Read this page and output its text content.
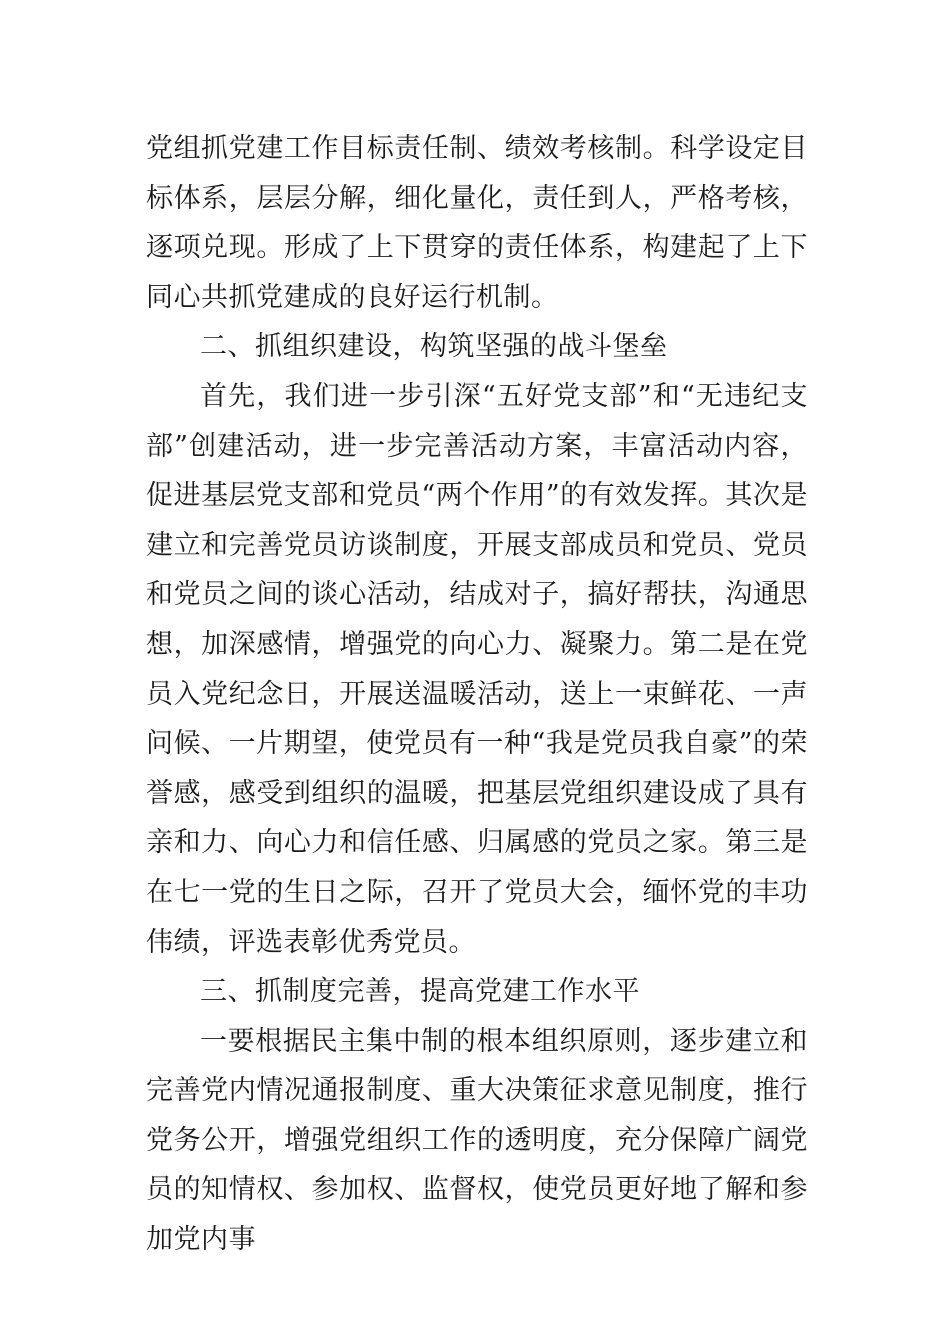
党组抓党建工作目标责任制、绩效考核制。科学设定目标体系，层层分解，细化量化，责任到人，严格考核，逐项兑现。形成了上下贯穿的责任体系，构建起了上下同心共抓党建成的良好运行机制。

二、抓组织建设，构筑坚强的战斗堡垒

首先，我们进一步引深“五好党支部”和“无违纪支部”创建活动，进一步完善活动方案，丰富活动内容，促进基层党支部和党员“两个作用”的有效发挥。其次是建立和完善党员访谈制度，开展支部成员和党员、党员和党员之间的谈心活动，结成对子，搞好帮扶，沟通思想，加深感情，增强党的向心力、凝聚力。第二是在党员入党纪念日，开展送温暖活动，送上一束鲜花、一声问候、一片期望，使党员有一种“我是党员我自豪”的荣誉感，感受到组织的温暖，把基层党组织建设成了具有亲和力、向心力和信任感、归属感的党员之家。第三是在七一党的生日之际，召开了党员大会，缅怀党的丰功伟绩，评选表彰优秀党员。

三、抓制度完善，提高党建工作水平

一要根据民主集中制的根本组织原则，逐步建立和完善党内情况通报制度、重大决策征求意见制度，推行党务公开，增强党组织工作的透明度，充分保障广阔党员的知情权、参加权、监督权，使党员更好地了解和参加党内事
